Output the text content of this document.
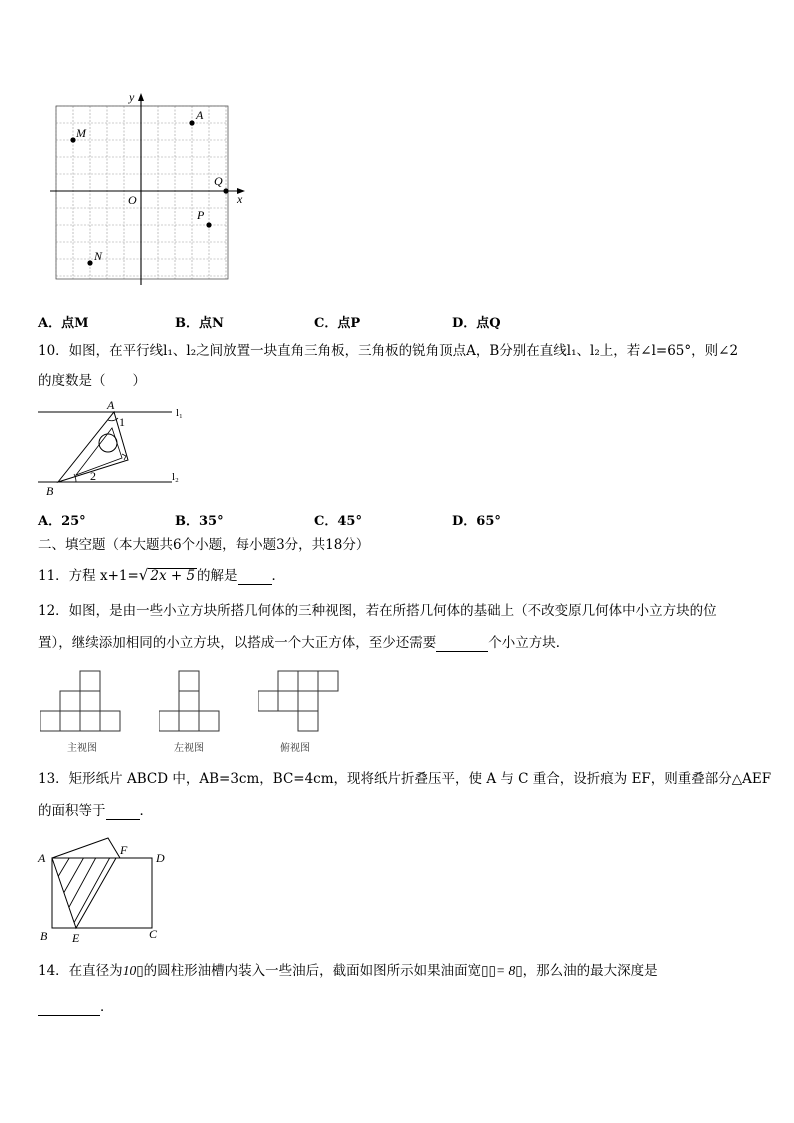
y
x
O
A
M
Q
P
N
A．点M	B．点N	C．点P	D．点Q
10．如图，在平行线l₁、l₂之间放置一块直角三角板，三角板的锐角顶点A，B分别在直线l₁、l₂上，若∠l=65°，则∠2
的度数是（　　）
A
B
1
2
l₁
l₂
A．25°	B．35°	C．45°	D．65°
二、填空题（本大题共6个小题，每小题3分，共18分）
11．方程 x+1=√ 2x + 5 的解是	．
12．如图，是由一些小立方块所搭几何体的三种视图，若在所搭几何体的基础上（不改变原几何体中小立方块的位
置），继续添加相同的小立方块，以搭成一个大正方体，至少还需要	个小立方块．
主视图	左视图	俯视图
13．矩形纸片 ABCD 中，AB=3cm，BC=4cm，现将纸片折叠压平，使 A 与 C 重合，设折痕为 EF，则重叠部分△AEF
的面积等于	．
A
F
D
B E	C
14．在直径为10▯的圆柱形油槽内装入一些油后，截面如图所示如果油面宽▯▯= 8▯，那么油的最大深度是
．
